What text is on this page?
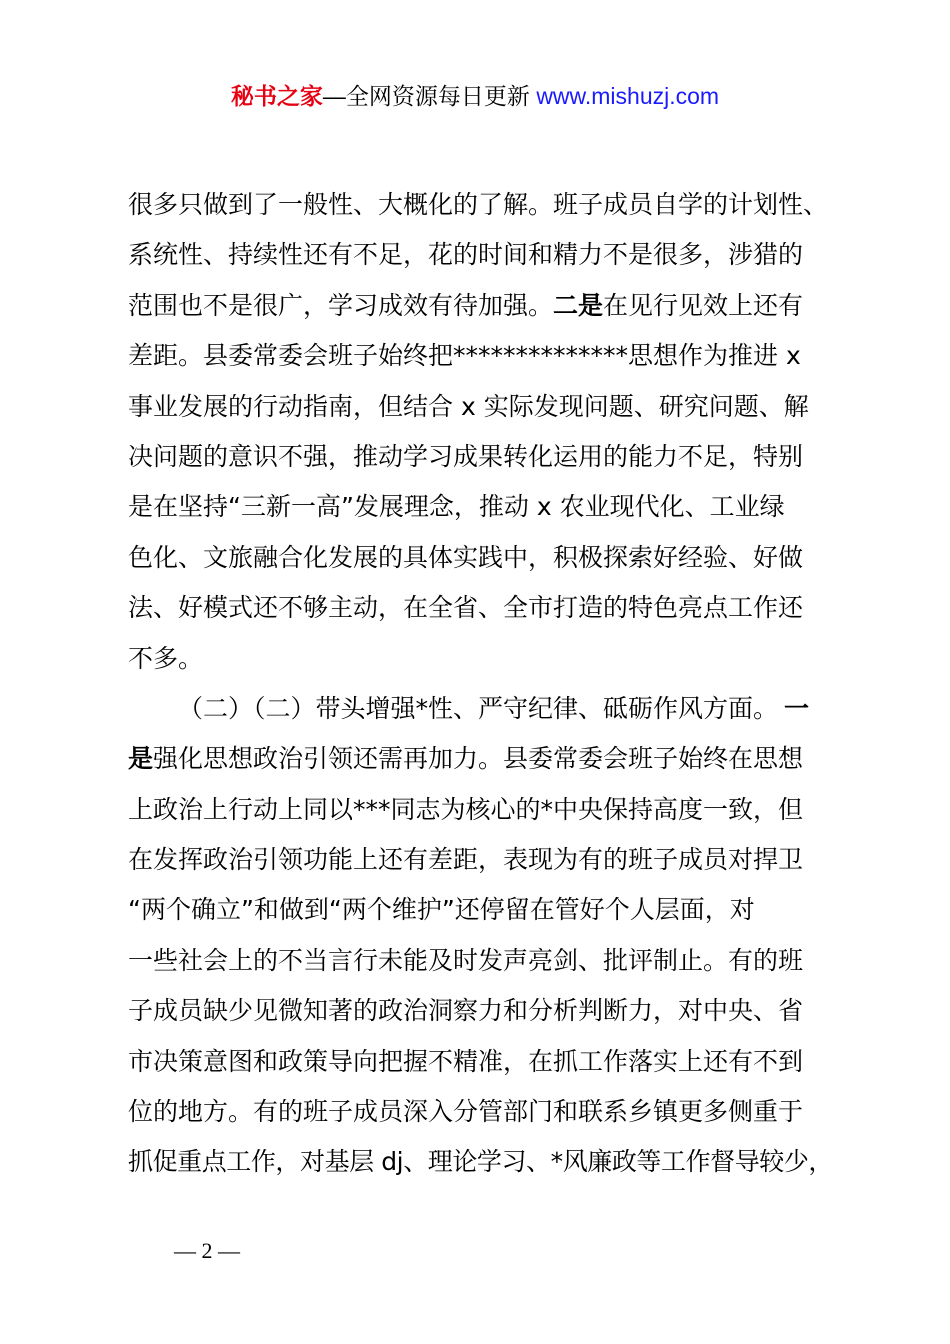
秘书之家—全网资源每日更新 www.mishuzj.com
很多只做到了一般性、大概化的了解。班子成员自学的计划性、
系统性、持续性还有不足，花的时间和精力不是很多，涉猎的
范围也不是很广，学习成效有待加强。 二是 在见行见效上还有
差距。县委常委会班子始终把**************思想作为推进 x
事业发展的行动指南，但结合 x 实际发现问题、研究问题、解
决问题的意识不强，推动学习成果转化运用的能力不足，特别
是在坚持“三新一高”发展理念，推动 x 农业现代化、工业绿
色化、文旅融合化发展的具体实践中，积极探索好经验、好做
法、好模式还不够主动，在全省、全市打造的特色亮点工作还
不多。
（二）（二）带头增强*性、严守纪律、砥砺作风方面。 一
是 强化思想政治引领还需再加力。县委常委会班子始终在思想
上政治上行动上同以***同志为核心的*中央保持高度一致，但
在发挥政治引领功能上还有差距，表现为有的班子成员对捍卫
“两个确立”和做到“两个维护”还停留在管好个人层面，对
一些社会上的不当言行未能及时发声亮剑、批评制止。有的班
子成员缺少见微知著的政治洞察力和分析判断力，对中央、省
市决策意图和政策导向把握不精准，在抓工作落实上还有不到
位的地方。有的班子成员深入分管部门和联系乡镇更多侧重于
抓促重点工作，对基层 dj、理论学习、*风廉政等工作督导较少，
— 2 —
